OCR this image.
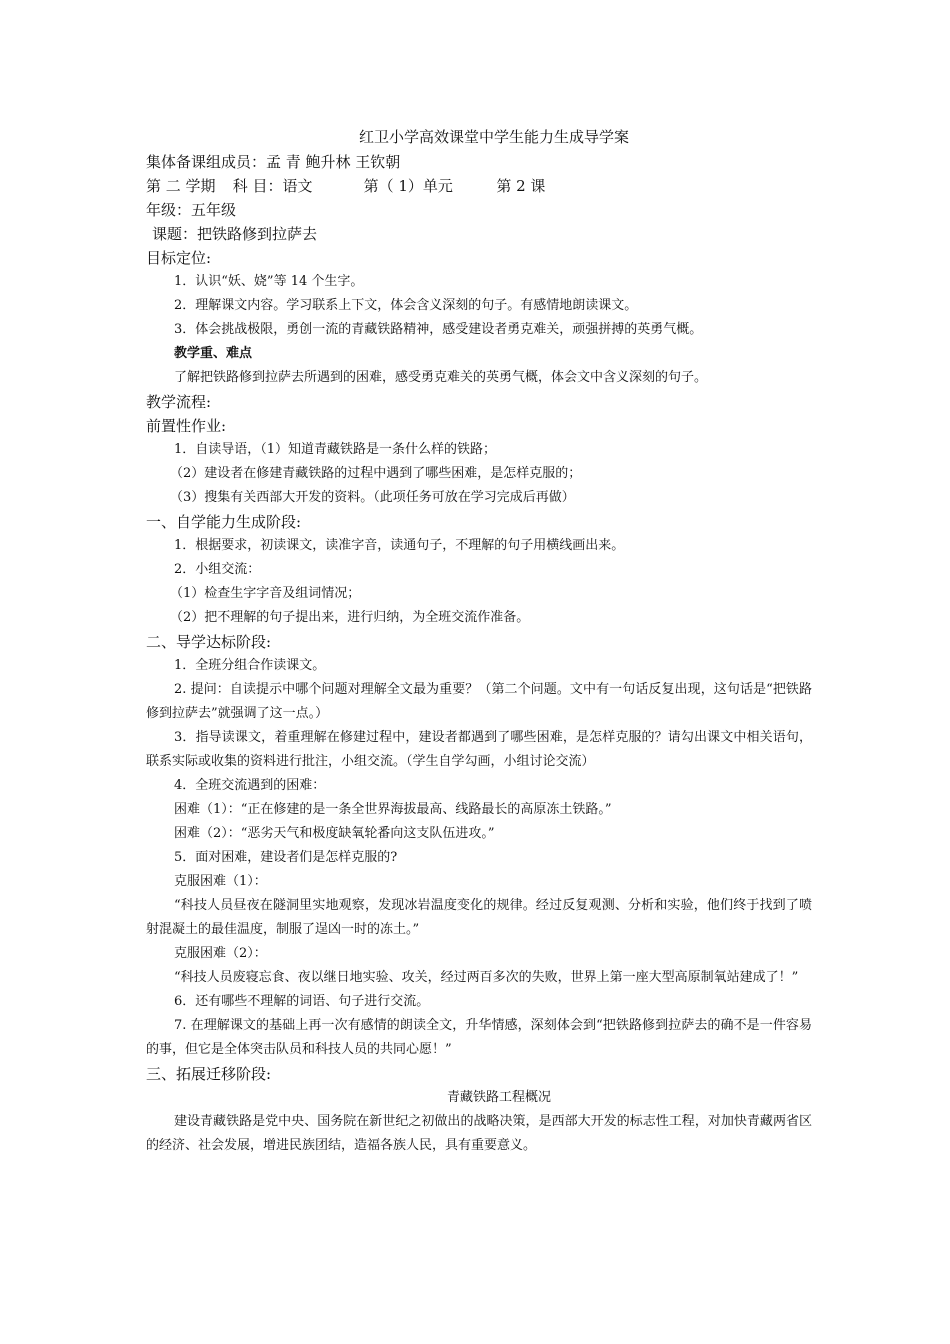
红卫小学高效课堂中学生能力生成导学案
集体备课组成员：孟 青 鲍升林 王钦朝
第 二 学期 科 目：语文	第（ 1）单元	第 2 课
年级：五年级
课题：把铁路修到拉萨去
目标定位:
1．认识“妖、娆”等 14 个生字。
2．理解课文内容。学习联系上下文，体会含义深刻的句子。有感情地朗读课文。
3．体会挑战极限，勇创一流的青藏铁路精神，感受建设者勇克难关，顽强拼搏的英勇气概。
教学重、难点
了解把铁路修到拉萨去所遇到的困难，感受勇克难关的英勇气概，体会文中含义深刻的句子。
教学流程:
前置性作业:
1．自读导语，（1）知道青藏铁路是一条什么样的铁路；
（2）建设者在修建青藏铁路的过程中遇到了哪些困难，是怎样克服的；
（3）搜集有关西部大开发的资料。（此项任务可放在学习完成后再做）
一、自学能力生成阶段:
1．根据要求，初读课文，读准字音，读通句子，不理解的句子用横线画出来。
2．小组交流：
（1）检查生字字音及组词情况；
（2）把不理解的句子提出来，进行归纳，为全班交流作准备。
二、导学达标阶段:
1．全班分组合作读课文。
2. 提问：自读提示中哪个问题对理解全文最为重要？（第二个问题。文中有一句话反复出现，这句话是“把铁路修到拉萨去”就强调了这一点。）
3．指导读课文，着重理解在修建过程中，建设者都遇到了哪些困难，是怎样克服的？请勾出课文中相关语句，联系实际或收集的资料进行批注，小组交流。（学生自学勾画，小组讨论交流）
4．全班交流遇到的困难：
困难（1）：“正在修建的是一条全世界海拔最高、线路最长的高原冻土铁路。”
困难（2）：“恶劣天气和极度缺氧轮番向这支队伍进攻。”
5．面对困难，建设者们是怎样克服的?
克服困难（1）：
“科技人员昼夜在隧洞里实地观察，发现冰岩温度变化的规律。经过反复观测、分析和实验，他们终于找到了喷射混凝土的最佳温度，制服了逞凶一时的冻土。”
克服困难（2）：
“科技人员废寝忘食、夜以继日地实验、攻关，经过两百多次的失败，世界上第一座大型高原制氧站建成了！”
6．还有哪些不理解的词语、句子进行交流。
7. 在理解课文的基础上再一次有感情的朗读全文，升华情感，深刻体会到“把铁路修到拉萨去的确不是一件容易的事，但它是全体突击队员和科技人员的共同心愿！”
三、拓展迁移阶段:
青藏铁路工程概况
建设青藏铁路是党中央、国务院在新世纪之初做出的战略决策，是西部大开发的标志性工程，对加快青藏两省区的经济、社会发展，增进民族团结，造福各族人民，具有重要意义。
